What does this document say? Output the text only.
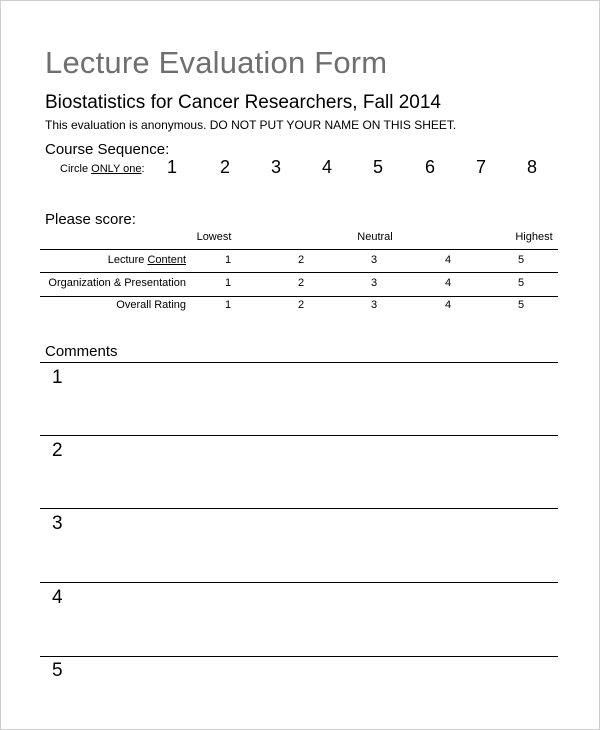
Lecture Evaluation Form
Biostatistics for Cancer Researchers, Fall 2014
This evaluation is anonymous. DO NOT PUT YOUR NAME ON THIS SHEET.
Course Sequence:
Circle ONLY one: 1 2 3 4 5 6 7 8
Please score:
Lowest	Neutral	Highest
Lecture Content	1	2	3	4	5
Organization & Presentation	1	2	3	4	5
Overall Rating	1	2	3	4	5
Comments
1
2
3
4
5
